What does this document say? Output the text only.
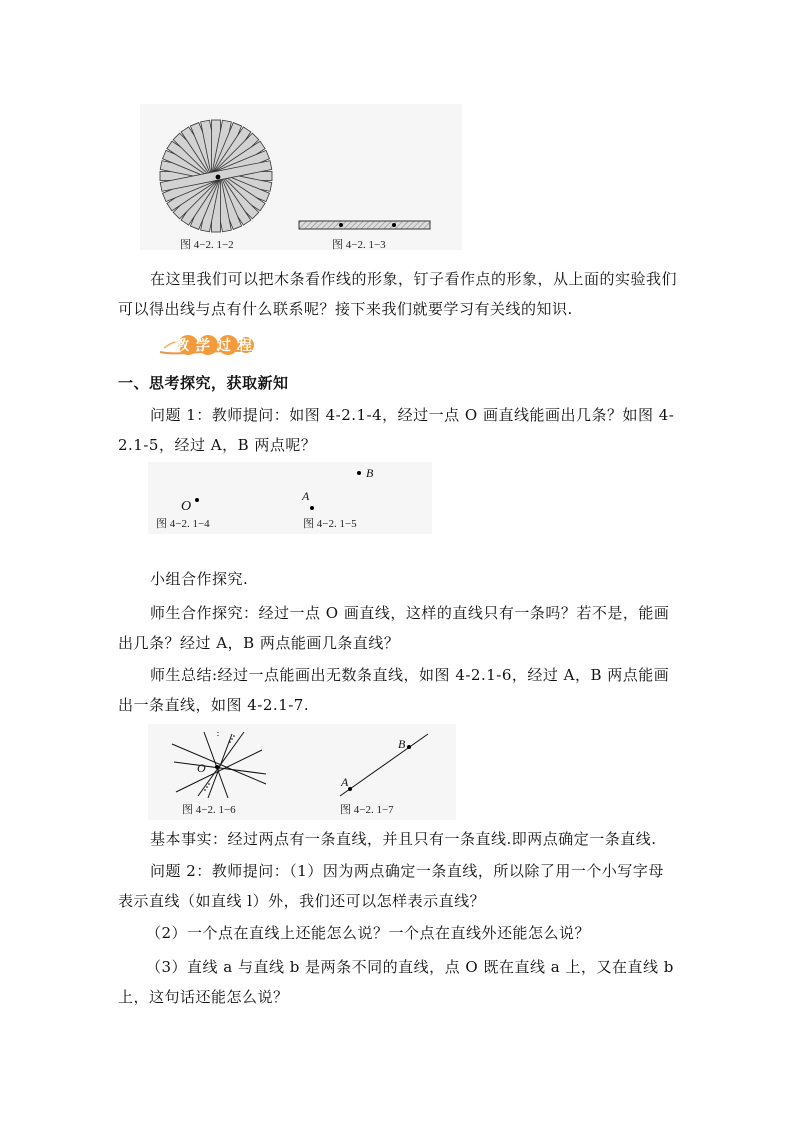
图 4−2. 1−2	图 4−2. 1−3
在这里我们可以把木条看作线的形象，钉子看作点的形象，从上面的实验我们可以得出线与点有什么联系呢？接下来我们就要学习有关线的知识.
教学过程
一、思考探究，获取新知
问题 1：教师提问：如图 4-2.1-4，经过一点 O 画直线能画出几条？如图 4-2.1-5，经过 A，B 两点呢？
O
图 4−2. 1−4
A
B
图 4−2. 1−5
小组合作探究.
师生合作探究：经过一点 O 画直线，这样的直线只有一条吗？若不是，能画出几条？经过 A，B 两点能画几条直线？
师生总结:经过一点能画出无数条直线，如图 4-2.1-6，经过 A，B 两点能画出一条直线，如图 4-2.1-7.
O
图 4−2. 1−6
A
B
图 4−2. 1−7
基本事实：经过两点有一条直线，并且只有一条直线.即两点确定一条直线.
问题 2：教师提问：（1）因为两点确定一条直线，所以除了用一个小写字母表示直线（如直线 l）外，我们还可以怎样表示直线？
（2）一个点在直线上还能怎么说？一个点在直线外还能怎么说？
（3）直线 a 与直线 b 是两条不同的直线，点 O 既在直线 a 上，又在直线 b 上，这句话还能怎么说？
